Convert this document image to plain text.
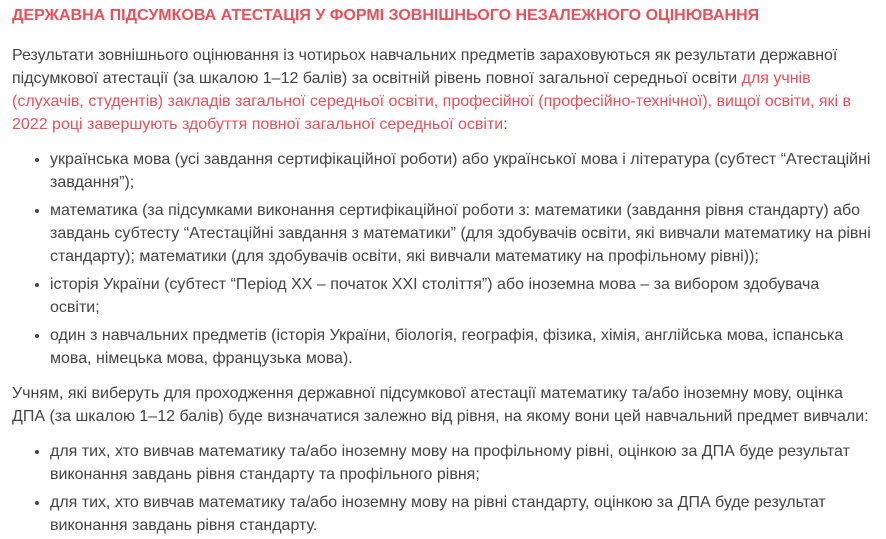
ДЕРЖАВНА ПІДСУМКОВА АТЕСТАЦІЯ У ФОРМІ ЗОВНІШНЬОГО НЕЗАЛЕЖНОГО ОЦІНЮВАННЯ

Результати зовнішнього оцінювання із чотирьох навчальних предметів зараховуються як результати державної підсумкової атестації (за шкалою 1–12 балів) за освітній рівень повної загальної середньої освіти для учнів (слухачів, студентів) закладів загальної середньої освіти, професійної (професійно-технічної), вищої освіти, які в 2022 році завершують здобуття повної загальної середньої освіти:

• українська мова (усі завдання сертифікаційної роботи) або української мова і література (субтест “Атестаційні завдання”);
• математика (за підсумками виконання сертифікаційної роботи з: математики (завдання рівня стандарту) або завдань субтесту “Атестаційні завдання з математики” (для здобувачів освіти, які вивчали математику на рівні стандарту); математики (для здобувачів освіти, які вивчали математику на профільному рівні));
• історія України (субтест “Період ХХ – початок ХХІ століття”) або іноземна мова – за вибором здобувача освіти;
• один з навчальних предметів (історія України, біологія, географія, фізика, хімія, англійська мова, іспанська мова, німецька мова, французька мова).

Учням, які виберуть для проходження державної підсумкової атестації математику та/або іноземну мову, оцінка ДПА (за шкалою 1–12 балів) буде визначатися залежно від рівня, на якому вони цей навчальний предмет вивчали:

• для тих, хто вивчав математику та/або іноземну мову на профільному рівні, оцінкою за ДПА буде результат виконання завдань рівня стандарту та профільного рівня;
• для тих, хто вивчав математику та/або іноземну мову на рівні стандарту, оцінкою за ДПА буде результат виконання завдань рівня стандарту.
